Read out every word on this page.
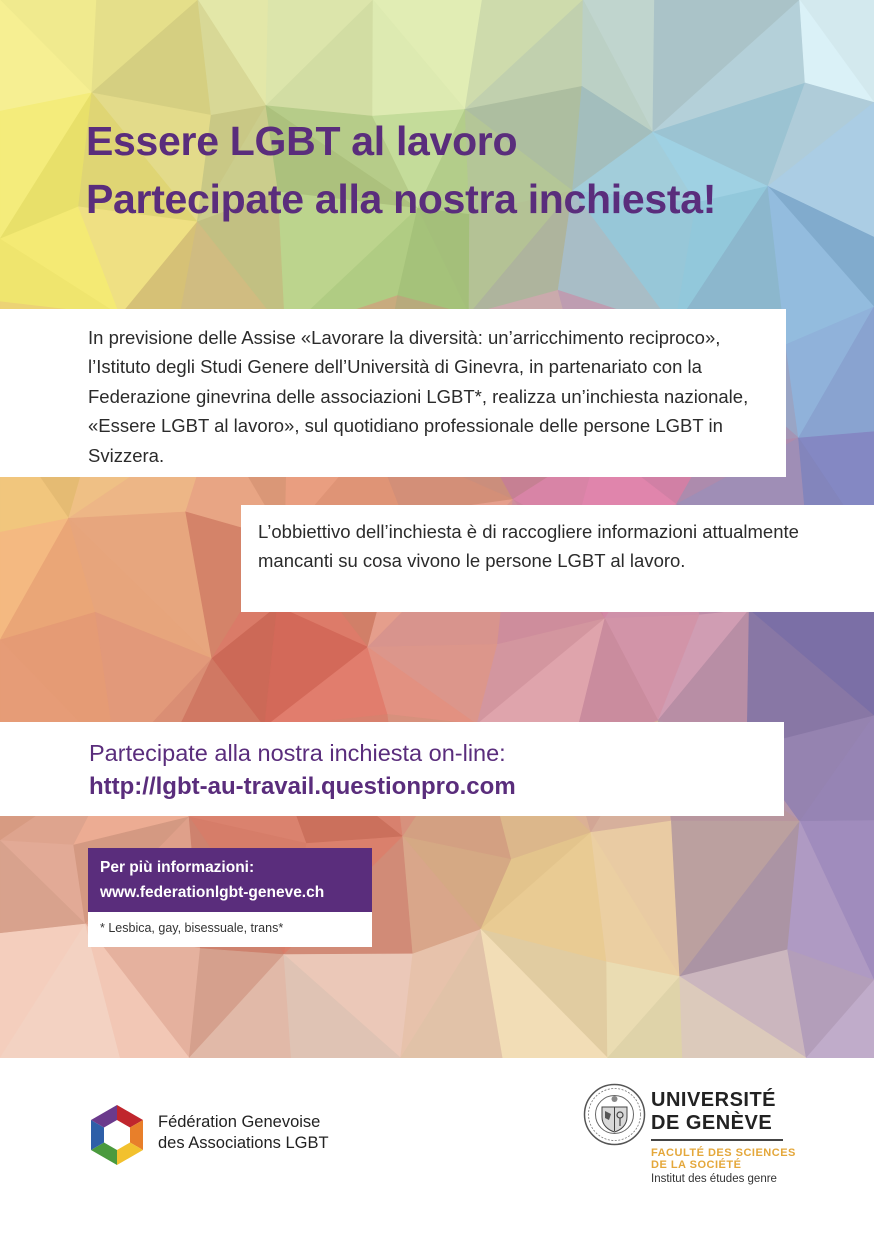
Essere LGBT al lavoro
Partecipate alla nostra inchiesta!

In previsione delle Assise «Lavorare la diversità: un’arricchimento reciproco», l’Istituto degli Studi Genere dell’Università di Ginevra, in partenariato con la Federazione ginevrina delle associazioni LGBT*, realizza un’inchiesta nazionale, «Essere LGBT al lavoro», sul quotidiano professionale delle persone LGBT in Svizzera.

L’obbiettivo dell’inchiesta è di raccogliere informazioni attualmente mancanti su cosa vivono le persone LGBT al lavoro.

Partecipate alla nostra inchiesta on-line:
http://lgbt-au-travail.questionpro.com
Per più informazioni:
www.federationlgbt-geneve.ch
* Lesbica, gay, bisessuale, trans*
Fédération Genevoise
des Associations LGBT
UNIVERSITÉ
DE GENÈVE
FACULTÉ DES SCIENCES
DE LA SOCIÉTÉ
Institut des études genre
